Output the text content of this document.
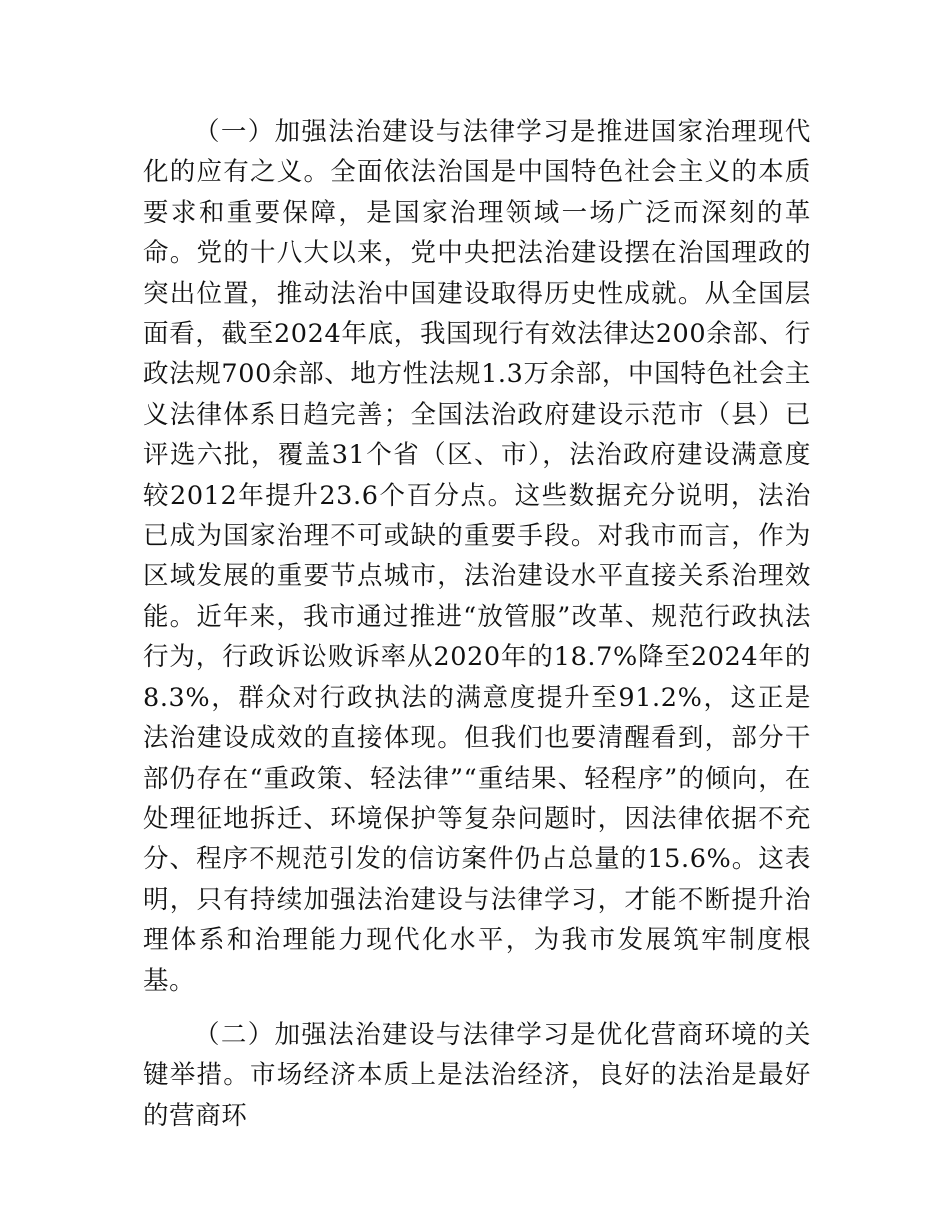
（一）加强法治建设与法律学习是推进国家治理现代化的应有之义。全面依法治国是中国特色社会主义的本质要求和重要保障，是国家治理领域一场广泛而深刻的革命。党的十八大以来，党中央把法治建设摆在治国理政的突出位置，推动法治中国建设取得历史性成就。从全国层面看，截至2024年底，我国现行有效法律达200余部、行政法规700余部、地方性法规1.3万余部，中国特色社会主义法律体系日趋完善；全国法治政府建设示范市（县）已评选六批，覆盖31个省（区、市），法治政府建设满意度较2012年提升23.6个百分点。这些数据充分说明，法治已成为国家治理不可或缺的重要手段。对我市而言，作为区域发展的重要节点城市，法治建设水平直接关系治理效能。近年来，我市通过推进“放管服”改革、规范行政执法行为，行政诉讼败诉率从2020年的18.7%降至2024年的8.3%，群众对行政执法的满意度提升至91.2%，这正是法治建设成效的直接体现。但我们也要清醒看到，部分干部仍存在“重政策、轻法律”“重结果、轻程序”的倾向，在处理征地拆迁、环境保护等复杂问题时，因法律依据不充分、程序不规范引发的信访案件仍占总量的15.6%。这表明，只有持续加强法治建设与法律学习，才能不断提升治理体系和治理能力现代化水平，为我市发展筑牢制度根基。

（二）加强法治建设与法律学习是优化营商环境的关键举措。市场经济本质上是法治经济，良好的法治是最好的营商环
